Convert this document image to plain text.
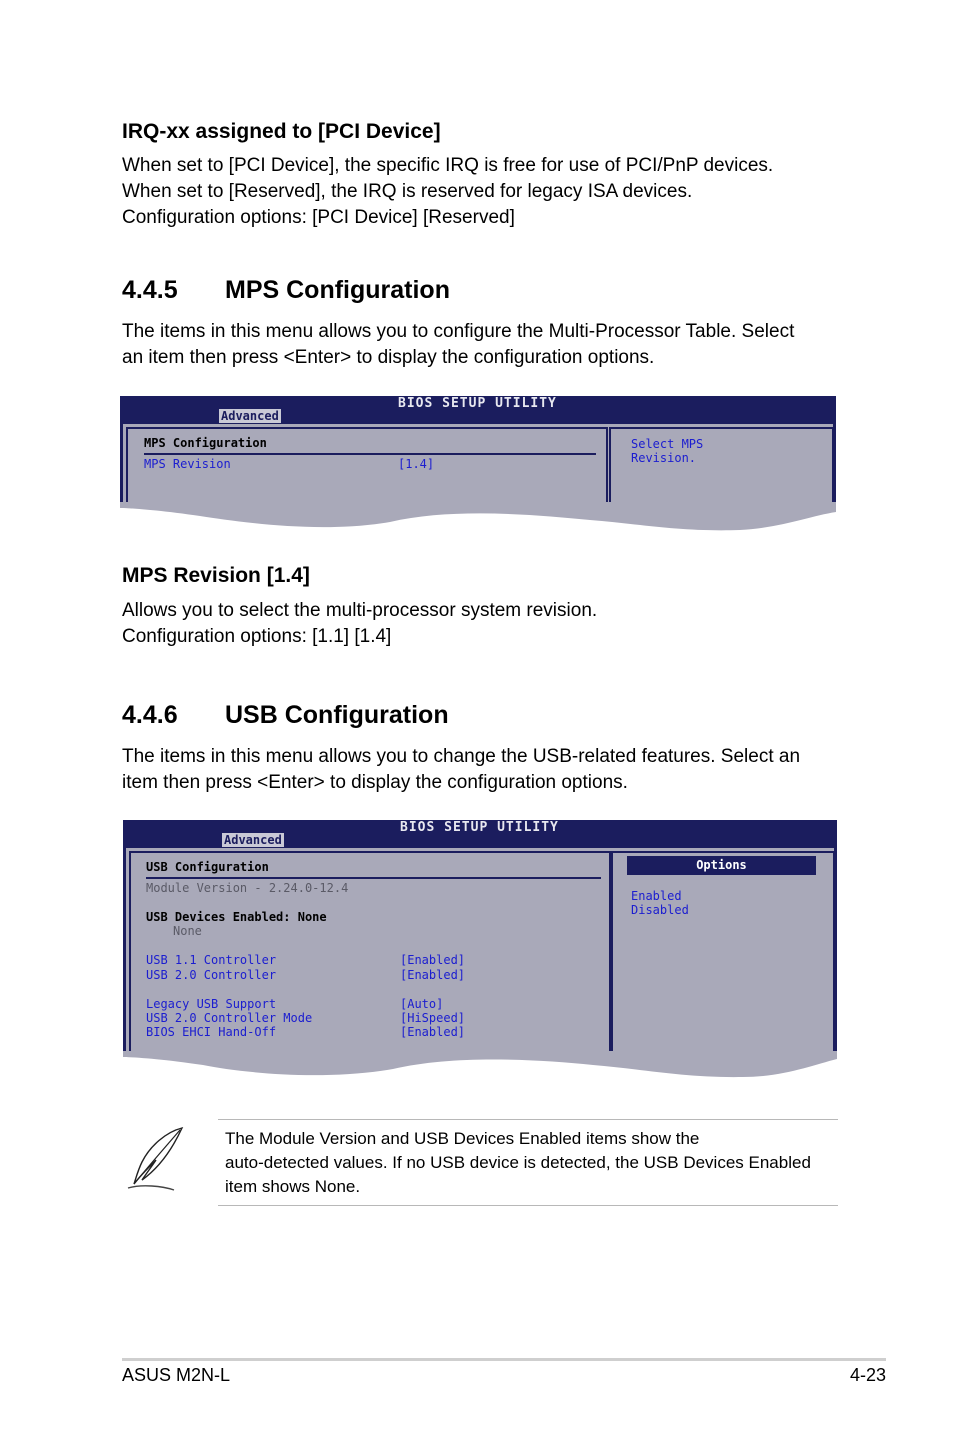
IRQ-xx assigned to [PCI Device]
When set to [PCI Device], the specific IRQ is free for use of PCI/PnP devices.
When set to [Reserved], the IRQ is reserved for legacy ISA devices.
Configuration options: [PCI Device] [Reserved]
4.4.5 MPS Configuration
The items in this menu allows you to configure the Multi-Processor Table. Select
an item then press <Enter> to display the configuration options.
BIOS SETUP UTILITY
Advanced
MPS Configuration
MPS Revision	[1.4]
Select MPS
Revision.
MPS Revision [1.4]
Allows you to select the multi-processor system revision.
Configuration options: [1.1] [1.4]
4.4.6 USB Configuration
The items in this menu allows you to change the USB-related features. Select an
item then press <Enter> to display the configuration options.
BIOS SETUP UTILITY
Advanced
USB Configuration
Module Version - 2.24.0-12.4
USB Devices Enabled: None
None
USB 1.1 Controller	[Enabled]
USB 2.0 Controller	[Enabled]
Legacy USB Support	[Auto]
USB 2.0 Controller Mode	[HiSpeed]
BIOS EHCI Hand-Off	[Enabled]
Options
Enabled
Disabled
The Module Version and USB Devices Enabled items show the
auto-detected values. If no USB device is detected, the USB Devices Enabled
item shows None.
ASUS M2N-L	4-23
